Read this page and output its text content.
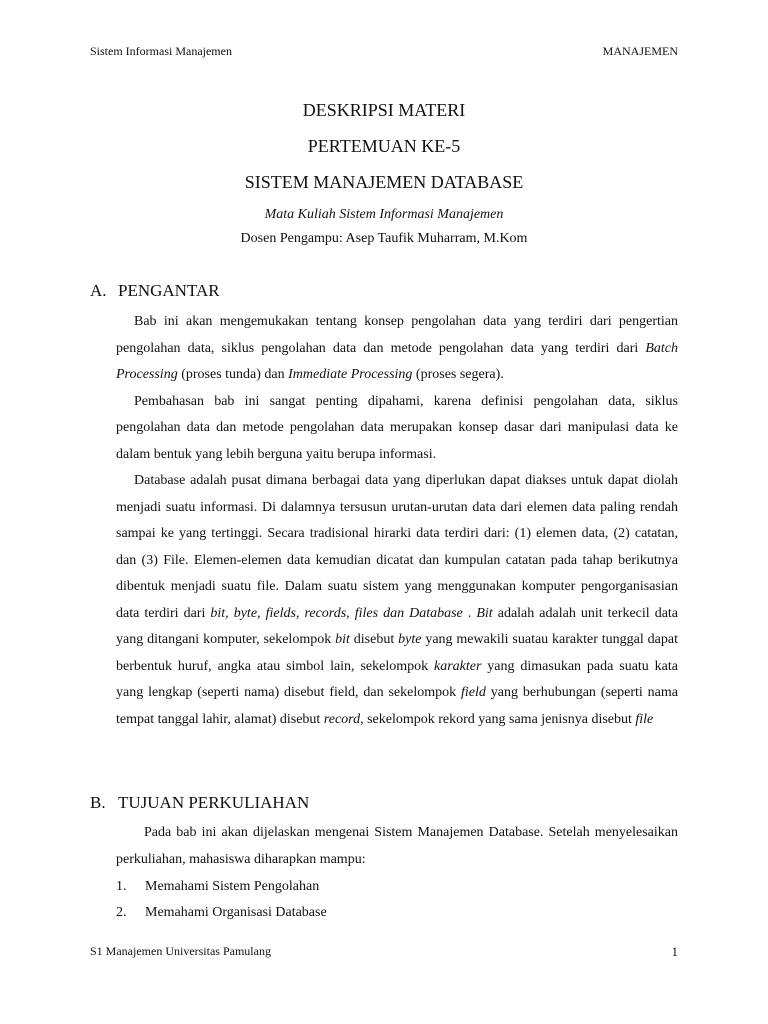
Sistem Informasi Manajemen	MANAJEMEN
DESKRIPSI MATERI
PERTEMUAN KE-5
SISTEM MANAJEMEN DATABASE
Mata Kuliah Sistem Informasi Manajemen
Dosen Pengampu: Asep Taufik Muharram, M.Kom
A. PENGANTAR

Bab ini akan mengemukakan tentang konsep pengolahan data yang terdiri dari pengertian pengolahan data, siklus pengolahan data dan metode pengolahan data yang terdiri dari Batch Processing (proses tunda) dan Immediate Processing (proses segera).

Pembahasan bab ini sangat penting dipahami, karena definisi pengolahan data, siklus pengolahan data dan metode pengolahan data merupakan konsep dasar dari manipulasi data ke dalam bentuk yang lebih berguna yaitu berupa informasi.

Database adalah pusat dimana berbagai data yang diperlukan dapat diakses untuk dapat diolah menjadi suatu informasi. Di dalamnya tersusun urutan-urutan data dari elemen data paling rendah sampai ke yang tertinggi. Secara tradisional hirarki data terdiri dari: (1) elemen data, (2) catatan, dan (3) File. Elemen-elemen data kemudian dicatat dan kumpulan catatan pada tahap berikutnya dibentuk menjadi suatu file. Dalam suatu sistem yang menggunakan komputer pengorganisasian data terdiri dari bit, byte, fields, records, files dan Database . Bit adalah adalah unit terkecil data yang ditangani komputer, sekelompok bit disebut byte yang mewakili suatau karakter tunggal dapat berbentuk huruf, angka atau simbol lain, sekelompok karakter yang dimasukan pada suatu kata yang lengkap (seperti nama) disebut field, dan sekelompok field yang berhubungan (seperti nama tempat tanggal lahir, alamat) disebut record, sekelompok rekord yang sama jenisnya disebut file

B. TUJUAN PERKULIAHAN

Pada bab ini akan dijelaskan mengenai Sistem Manajemen Database. Setelah menyelesaikan perkuliahan, mahasiswa diharapkan mampu:

1. Memahami Sistem Pengolahan
2. Memahami Organisasi Database
S1 Manajemen Universitas Pamulang	1
